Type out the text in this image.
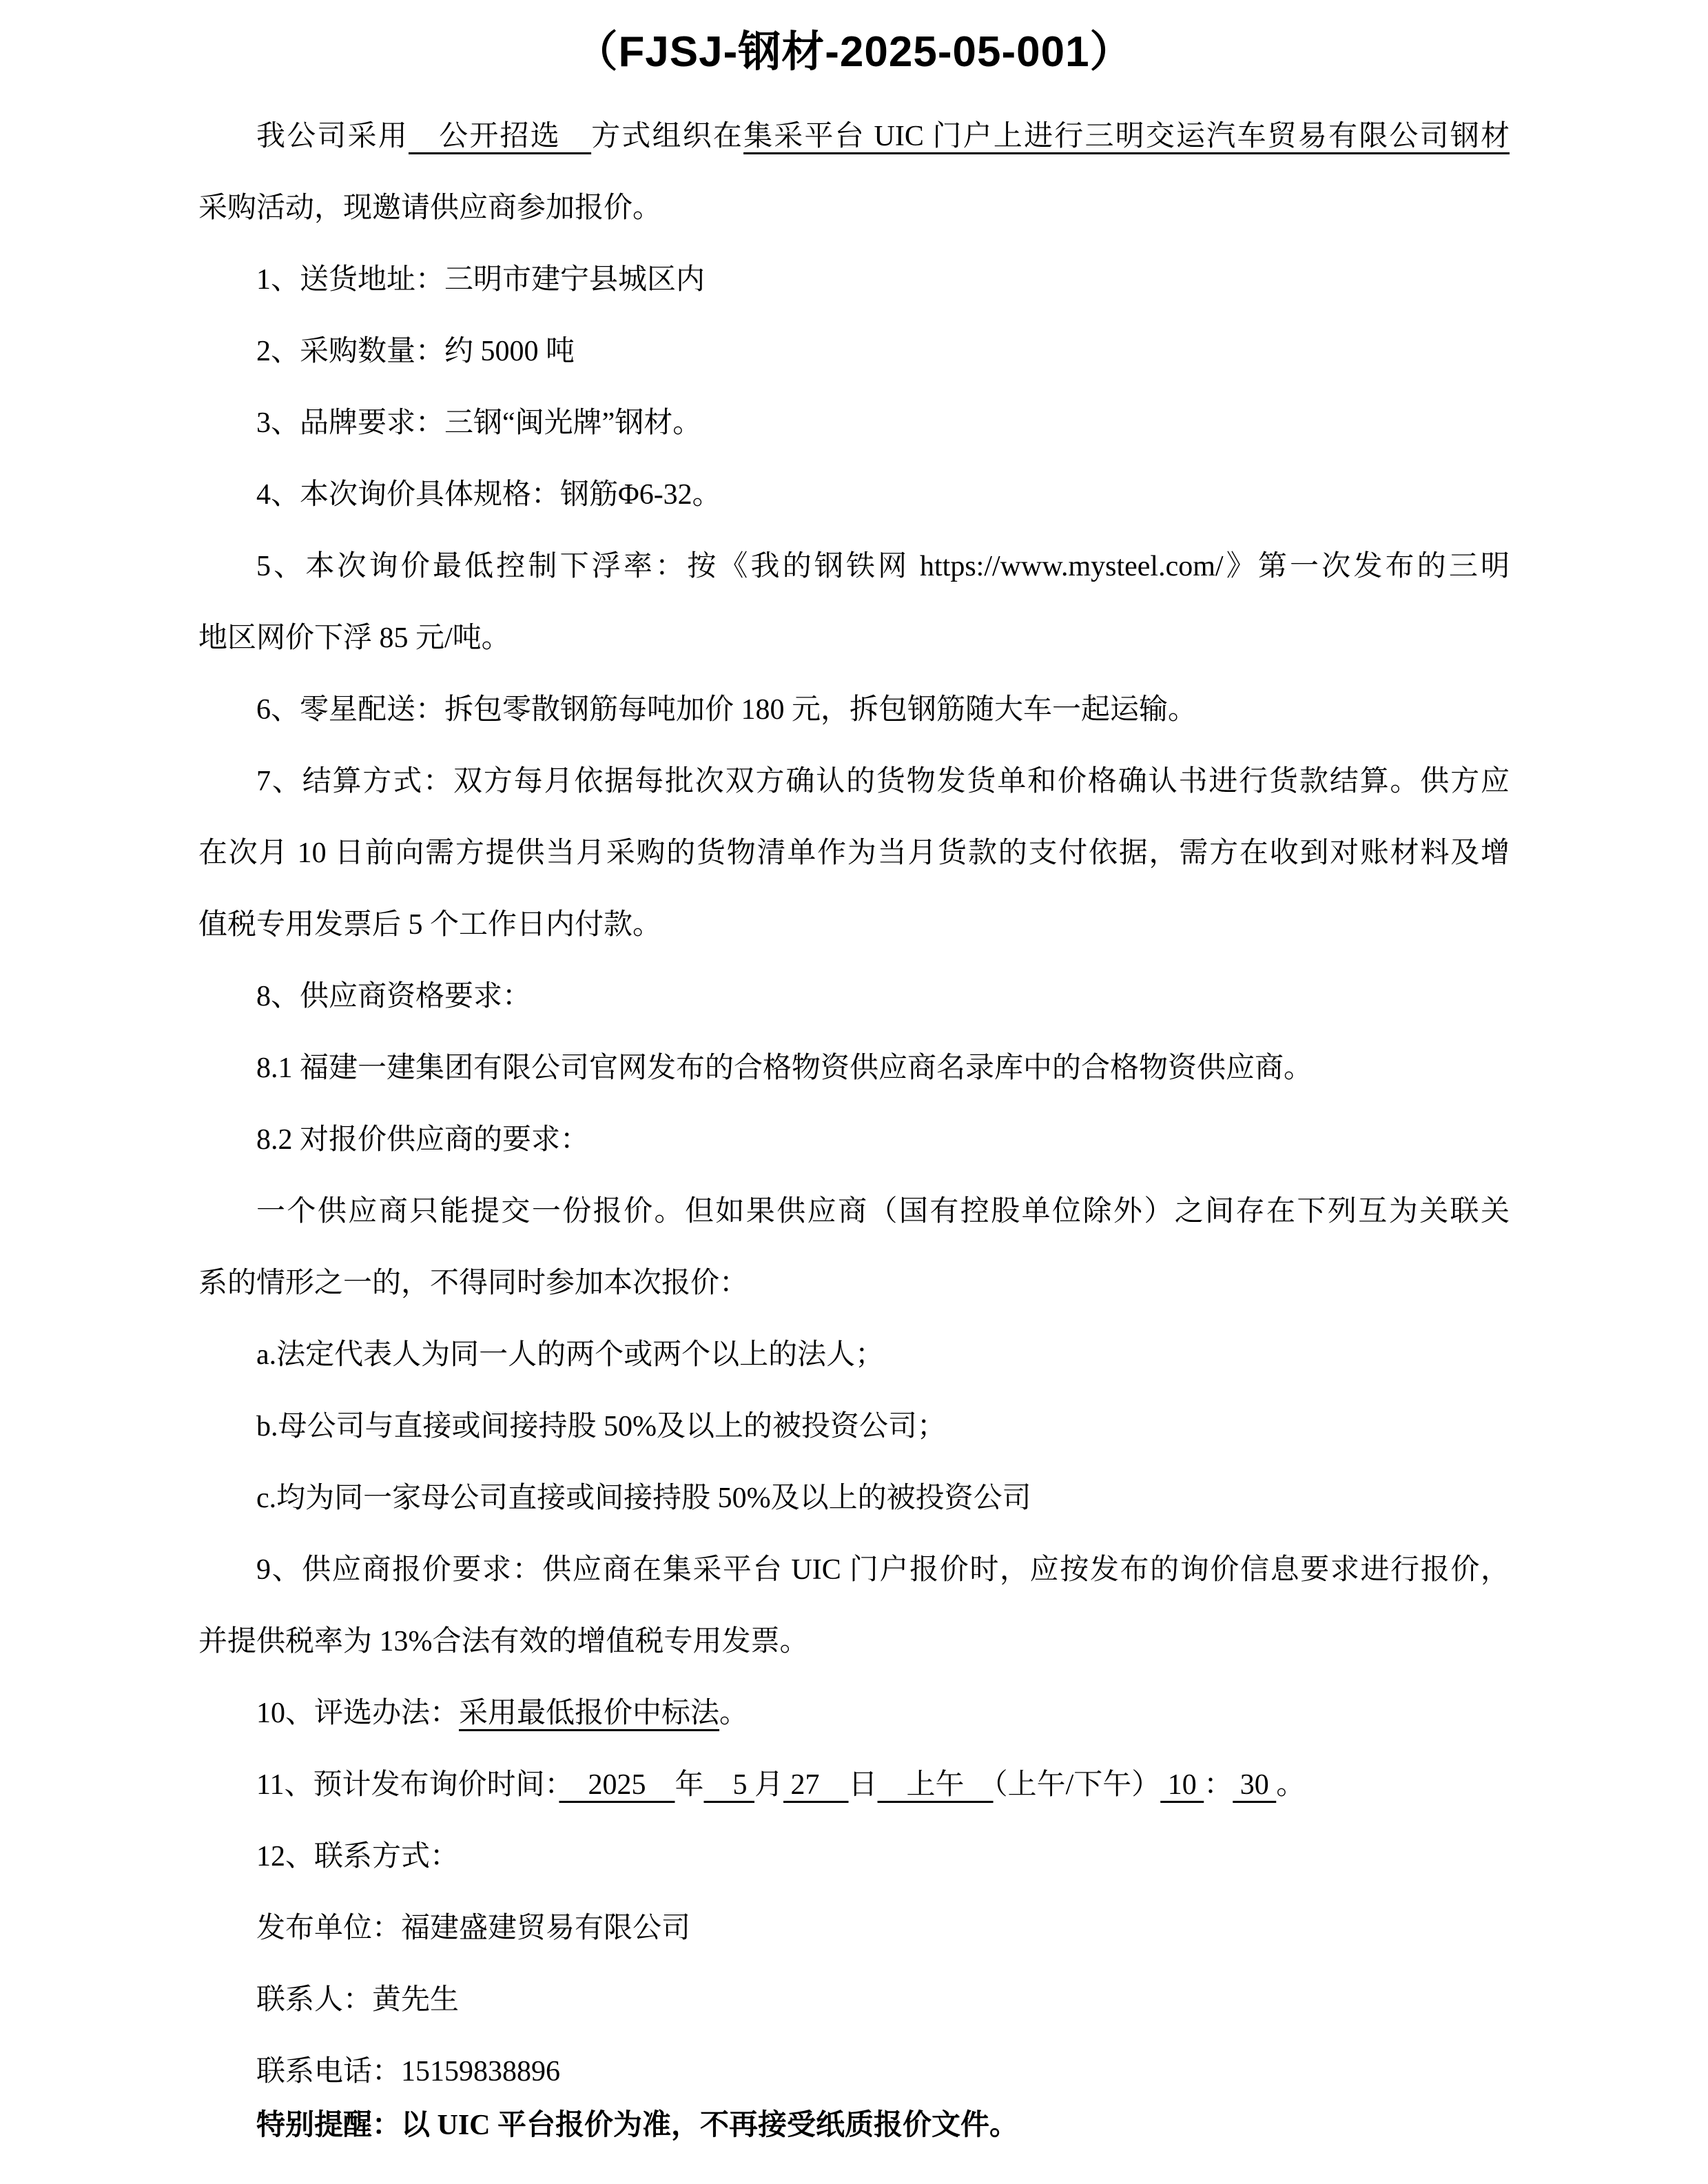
（FJSJ-钢材-2025-05-001）

我公司采用　公开招选　方式组织在集采平台 UIC 门户上进行三明交运汽车贸易有限公司钢材

采购活动，现邀请供应商参加报价。

1、送货地址：三明市建宁县城区内

2、采购数量：约 5000 吨

3、品牌要求：三钢“闽光牌”钢材。

4、本次询价具体规格：钢筋Φ6-32。

5、本次询价最低控制下浮率：按《我的钢铁网 https://www.mysteel.com/》第一次发布的三明

地区网价下浮 85 元/吨。

6、零星配送：拆包零散钢筋每吨加价 180 元，拆包钢筋随大车一起运输。

7、结算方式：双方每月依据每批次双方确认的货物发货单和价格确认书进行货款结算。供方应

在次月 10 日前向需方提供当月采购的货物清单作为当月货款的支付依据，需方在收到对账材料及增

值税专用发票后 5 个工作日内付款。

8、供应商资格要求：

8.1 福建一建集团有限公司官网发布的合格物资供应商名录库中的合格物资供应商。

8.2 对报价供应商的要求：

一个供应商只能提交一份报价。但如果供应商（国有控股单位除外）之间存在下列互为关联关

系的情形之一的，不得同时参加本次报价：

a.法定代表人为同一人的两个或两个以上的法人；

b.母公司与直接或间接持股 50%及以上的被投资公司；

c.均为同一家母公司直接或间接持股 50%及以上的被投资公司

9、供应商报价要求：供应商在集采平台 UIC 门户报价时，应按发布的询价信息要求进行报价，

并提供税率为 13%合法有效的增值税专用发票。

10、评选办法：采用最低报价中标法。

11、预计发布询价时间：　2025　年　5 月 27　日　上午　（上午/下午） 10 ： 30 。

12、联系方式：

发布单位：福建盛建贸易有限公司

联系人：黄先生

联系电话：15159838896

特别提醒：以 UIC 平台报价为准，不再接受纸质报价文件。
